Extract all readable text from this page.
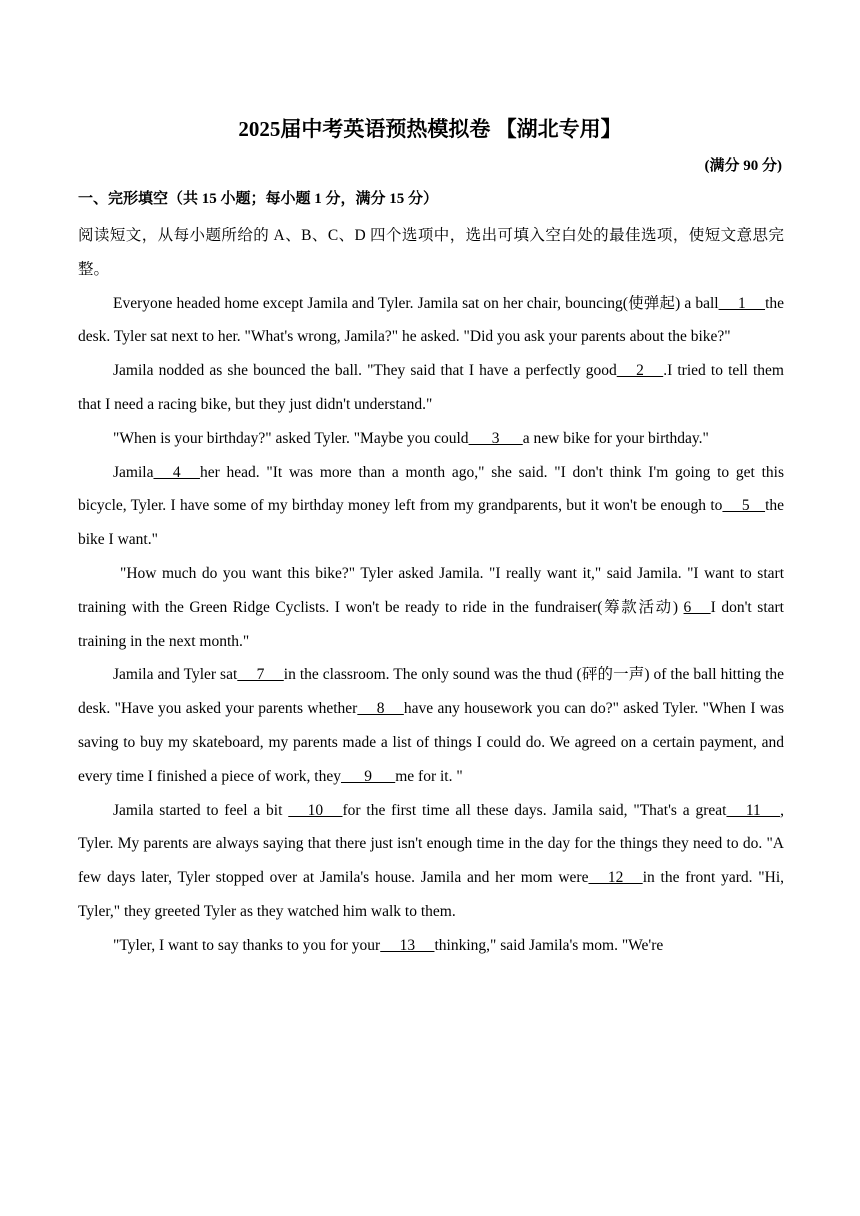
2025届中考英语预热模拟卷 【湖北专用】
(满分 90 分)
一、完形填空（共 15 小题；每小题 1 分，满分 15 分）

阅读短文，从每小题所给的 A、B、C、D 四个选项中，选出可填入空白处的最佳选项，使短文意思完整。

Everyone headed home except Jamila and Tyler. Jamila sat on her chair, bouncing(使弹起) a ball     1     the desk. Tyler sat next to her. "What's wrong, Jamila?" he asked. "Did you ask your parents about the bike?"

Jamila nodded as she bounced the ball. "They said that I have a perfectly good     2     .I tried to tell them that I need a racing bike, but they just didn't understand."

"When is your birthday?" asked Tyler. "Maybe you could      3      a new bike for your birthday."

Jamila     4     her head. "It was more than a month ago," she said. "I don't think I'm going to get this bicycle, Tyler. I have some of my birthday money left from my grandparents, but it won't be enough to     5    the bike I want."

"How much do you want this bike?" Tyler asked Jamila. "I really want it," said Jamila. "I want to start training with the Green Ridge Cyclists. I won't be ready to ride in the fundraiser(筹款活动) 6     I don't start training in the next month."

Jamila and Tyler sat     7     in the classroom. The only sound was the thud (砰的一声) of the ball hitting the desk. "Have you asked your parents whether     8     have any housework you can do?" asked Tyler. "When I was saving to buy my skateboard, my parents made a list of things I could do. We agreed on a certain payment, and every time I finished a piece of work, they      9      me for it. "

Jamila started to feel a bit      10     for the first time all these days. Jamila said, "That's a great     11     , Tyler. My parents are always saying that there just isn't enough time in the day for the things they need to do. "A few days later, Tyler stopped over at Jamila's house. Jamila and her mom were     12     in the front yard. "Hi, Tyler," they greeted Tyler as they watched him walk to them.

"Tyler, I want to say thanks to you for your     13     thinking," said Jamila's mom. "We're
